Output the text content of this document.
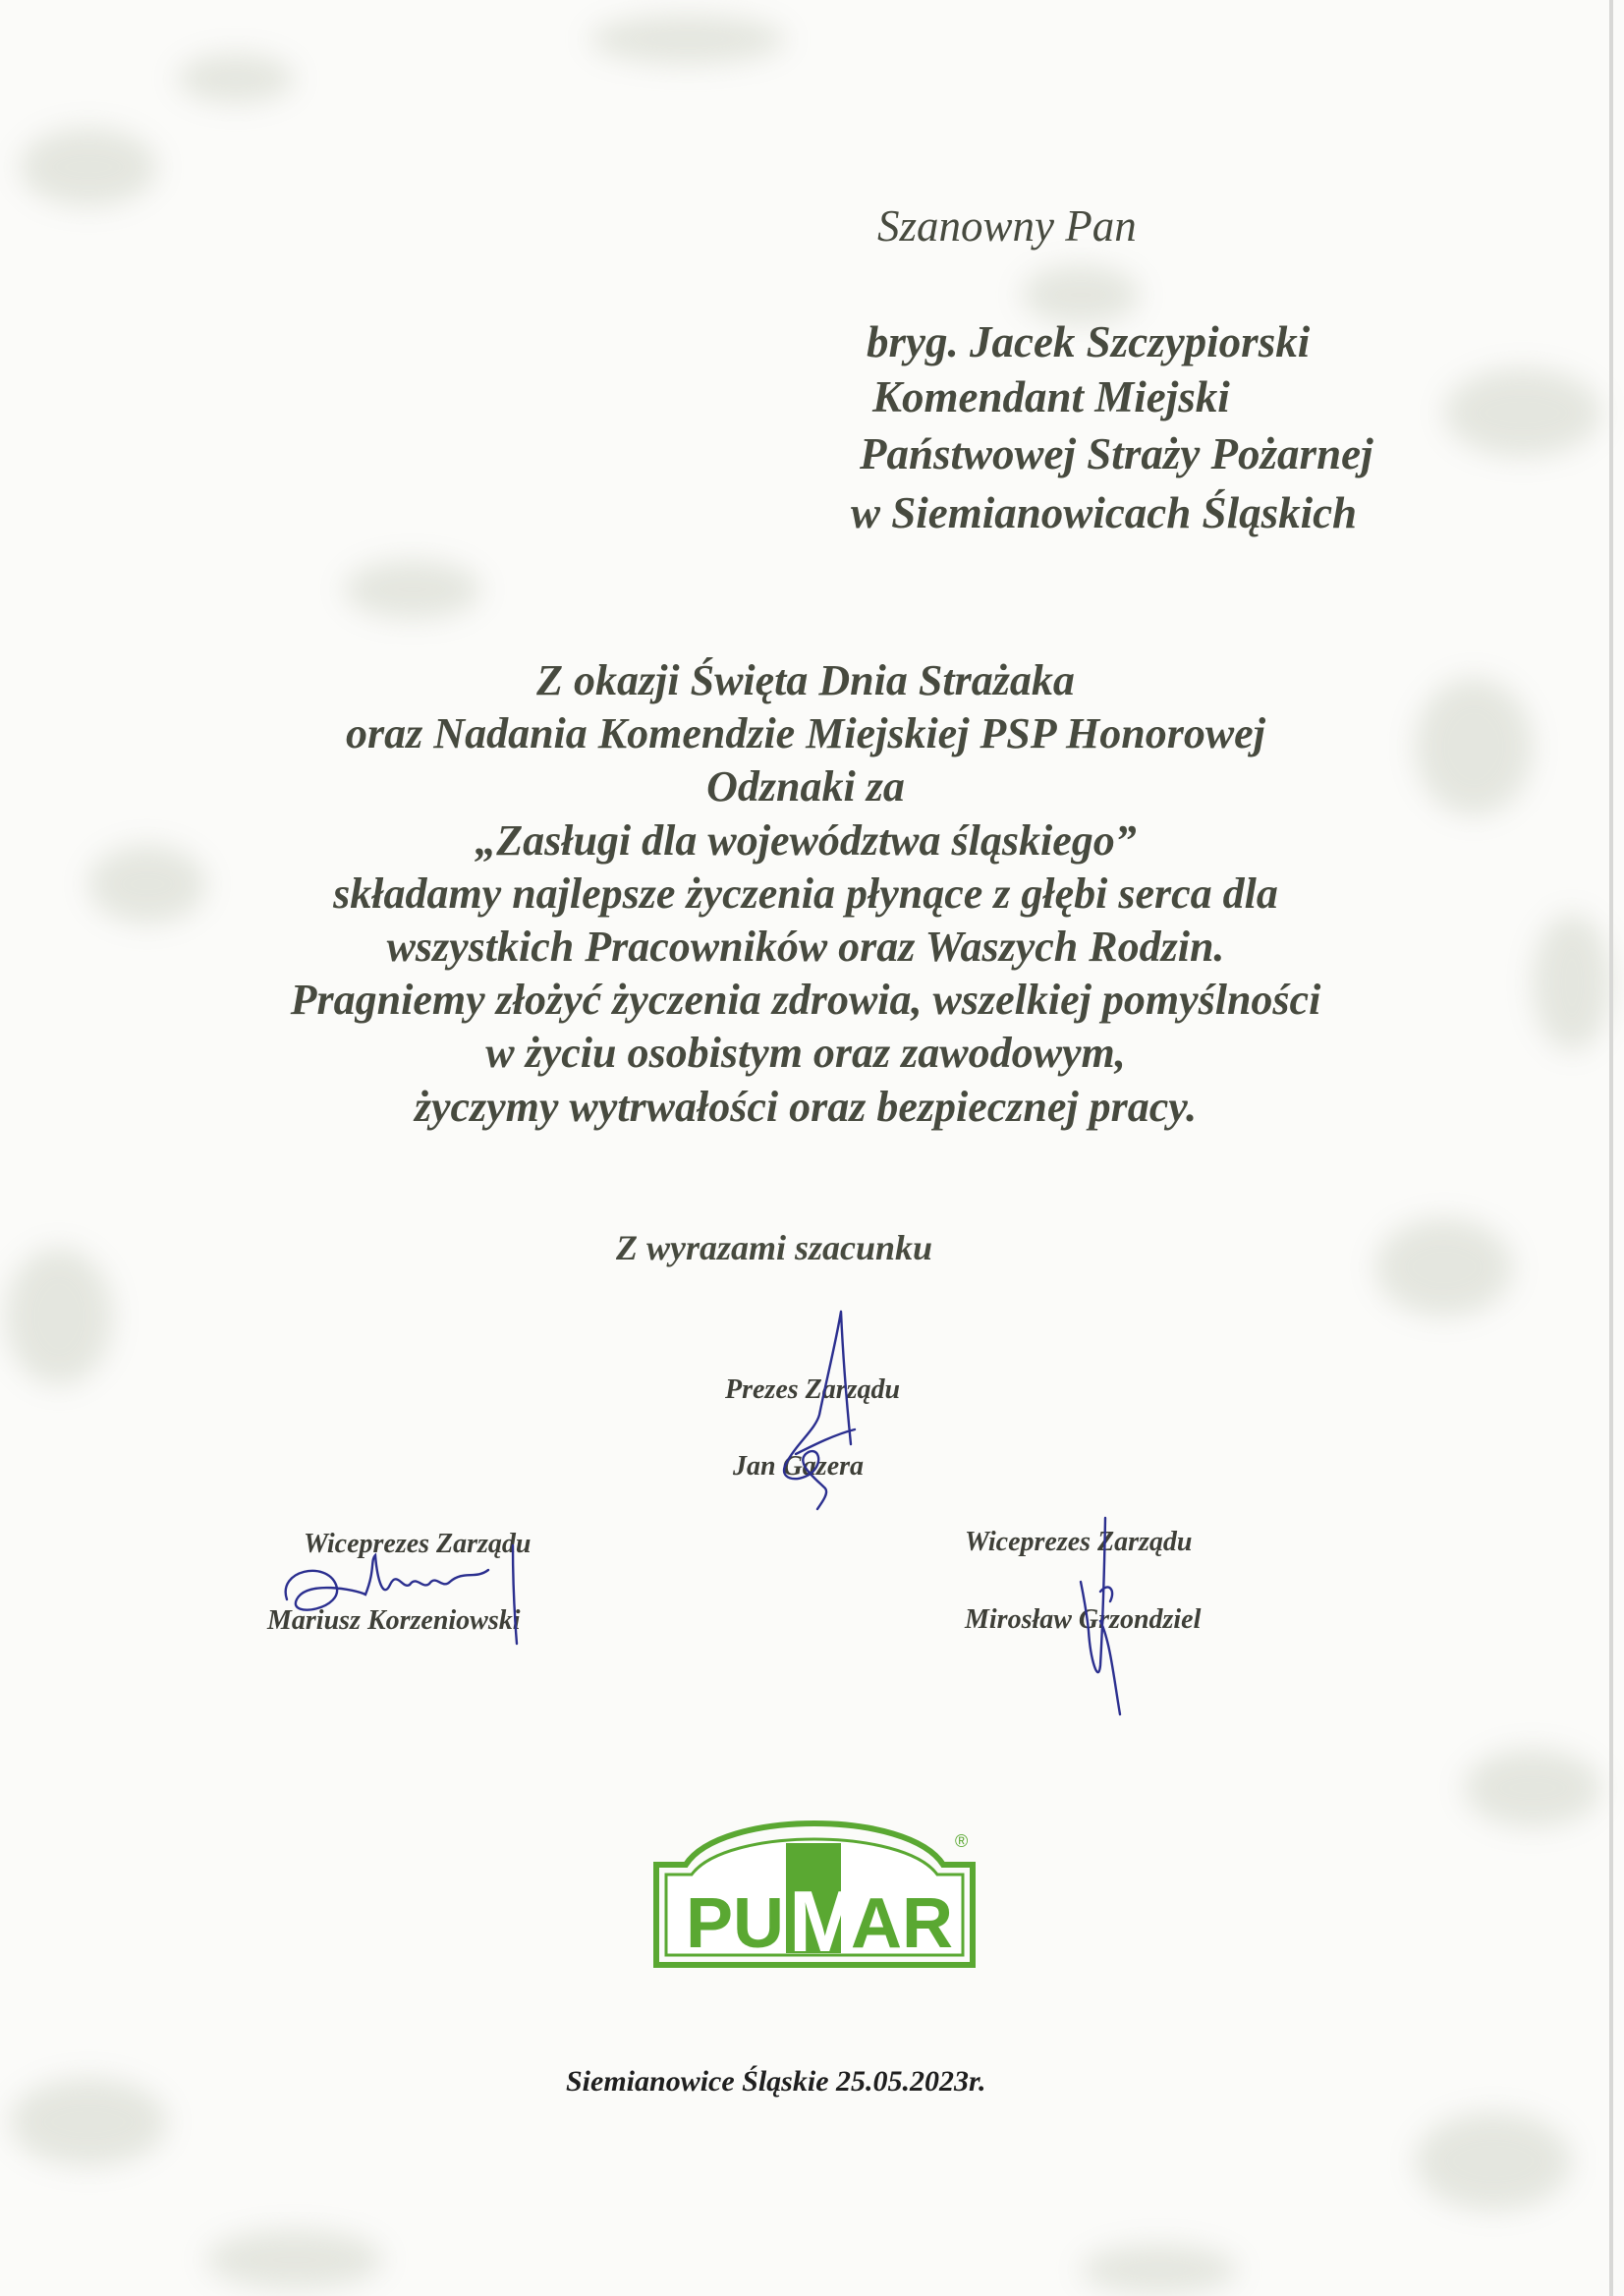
Szanowny Pan

bryg. Jacek Szczypiorski

Komendant Miejski

Państwowej Straży Pożarnej

w Siemianowicach Śląskich

Z okazji Święta Dnia Strażaka
oraz Nadania Komendzie Miejskiej PSP Honorowej
Odznaki za
„Zasługi dla województwa śląskiego”
składamy najlepsze życzenia płynące z głębi serca dla
wszystkich Pracowników oraz Waszych Rodzin.
Pragniemy złożyć życzenia zdrowia, wszelkiej pomyślności
w życiu osobistym oraz zawodowym,
życzymy wytrwałości oraz bezpiecznej pracy.

Z wyrazami szacunku

Prezes Zarządu

Jan Gazera

Wiceprezes Zarządu

Mariusz Korzeniowski

Wiceprezes Zarządu

Mirosław Grzondziel

PU M
AR
®

Siemianowice Śląskie 25.05.2023r.
